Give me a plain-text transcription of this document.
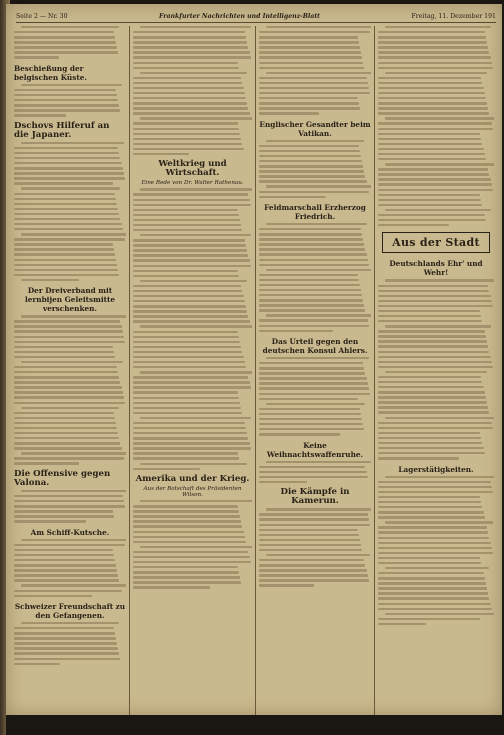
Seite 2 — Nr. 30	Frankfurter Nachrichten und Intelligenz-Blatt	Freitag, 11. Dezember 191
Beschießung der belgischen Küste.
Dschovs Hilferuf an die Japaner.
Der Dreiverband mit lernbijen Geleitsmitte verschenken.
Die Offensive gegen Valona.
Am Schiff-Kutsche.
Schweizer Freundschaft zu den Gefangenen.
Weltkrieg und Wirtschaft.
Eine Rede von Dr. Walter Rathenau.
Amerika und der Krieg.
Aus der Botschaft des Präsidenten Wilson.
Englischer Gesandter beim Vatikan.
Feldmarschall Erzherzog Friedrich.
Das Urteil gegen den deutschen Konsul Ahlers.
Keine Weihnachtswaffenruhe.
Die Kämpfe in Kamerun.
Aus der Stadt
Deutschlands Ehr' und Wehr!
Lagerstätigkeiten.
